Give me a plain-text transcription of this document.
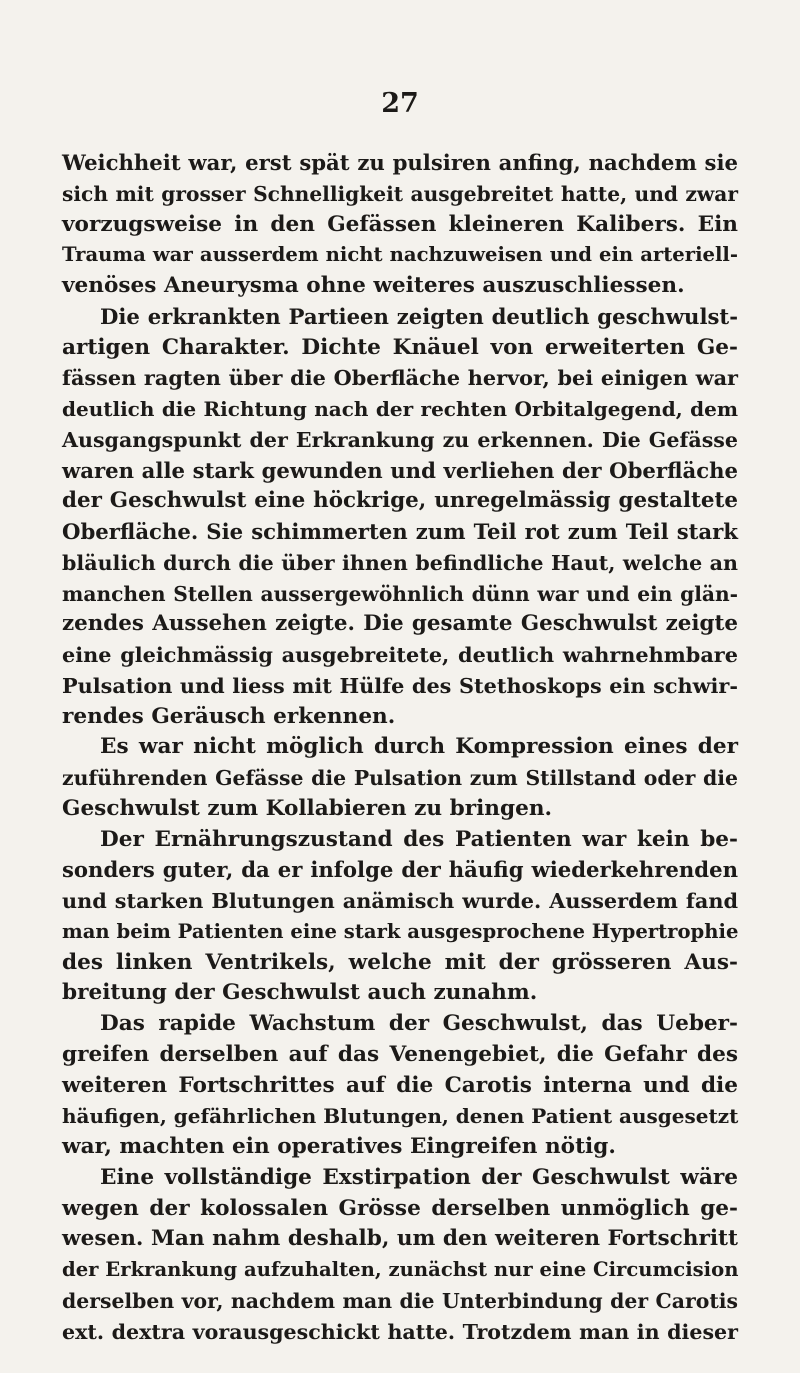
27
Weichheit war, erst spät zu pulsiren anfing, nachdem sie
sich mit grosser Schnelligkeit ausgebreitet hatte, und zwar
vorzugsweise in den Gefässen kleineren Kalibers. Ein
Trauma war ausserdem nicht nachzuweisen und ein arteriell-
venöses Aneurysma ohne weiteres auszuschliessen.
Die erkrankten Partieen zeigten deutlich geschwulst-
artigen Charakter. Dichte Knäuel von erweiterten Ge-
fässen ragten über die Oberfläche hervor, bei einigen war
deutlich die Richtung nach der rechten Orbitalgegend, dem
Ausgangspunkt der Erkrankung zu erkennen. Die Gefässe
waren alle stark gewunden und verliehen der Oberfläche
der Geschwulst eine höckrige, unregelmässig gestaltete
Oberfläche. Sie schimmerten zum Teil rot zum Teil stark
bläulich durch die über ihnen befindliche Haut, welche an
manchen Stellen aussergewöhnlich dünn war und ein glän-
zendes Aussehen zeigte. Die gesamte Geschwulst zeigte
eine gleichmässig ausgebreitete, deutlich wahrnehmbare
Pulsation und liess mit Hülfe des Stethoskops ein schwir-
rendes Geräusch erkennen.
Es war nicht möglich durch Kompression eines der
zuführenden Gefässe die Pulsation zum Stillstand oder die
Geschwulst zum Kollabieren zu bringen.
Der Ernährungszustand des Patienten war kein be-
sonders guter, da er infolge der häufig wiederkehrenden
und starken Blutungen anämisch wurde. Ausserdem fand
man beim Patienten eine stark ausgesprochene Hypertrophie
des linken Ventrikels, welche mit der grösseren Aus-
breitung der Geschwulst auch zunahm.
Das rapide Wachstum der Geschwulst, das Ueber-
greifen derselben auf das Venengebiet, die Gefahr des
weiteren Fortschrittes auf die Carotis interna und die
häufigen, gefährlichen Blutungen, denen Patient ausgesetzt
war, machten ein operatives Eingreifen nötig.
Eine vollständige Exstirpation der Geschwulst wäre
wegen der kolossalen Grösse derselben unmöglich ge-
wesen. Man nahm deshalb, um den weiteren Fortschritt
der Erkrankung aufzuhalten, zunächst nur eine Circumcision
derselben vor, nachdem man die Unterbindung der Carotis
ext. dextra vorausgeschickt hatte. Trotzdem man in dieser
